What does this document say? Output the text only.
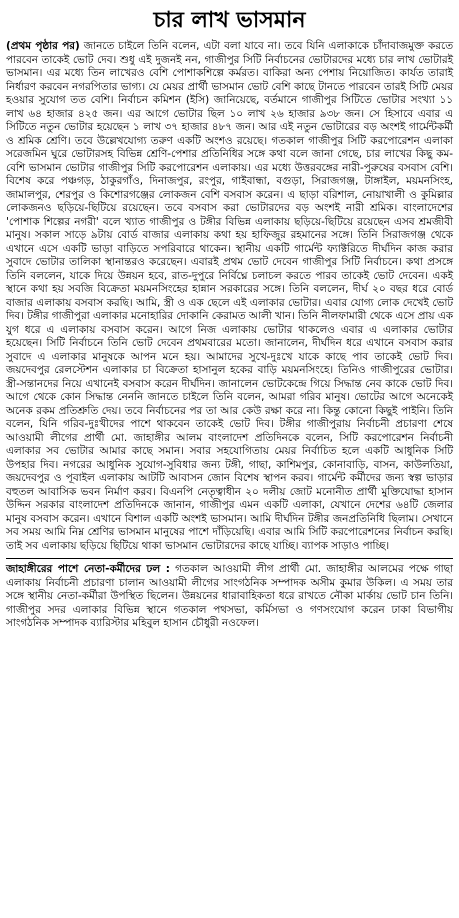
চার লাখ ভাসমান

(প্রথম পৃষ্ঠার পর) জানতে চাইলে তিনি বলেন, এটা বলা যাবে না। তবে যিনি এলাকাকে চাঁদাবাজমুক্ত করতে পারবেন তাকেই ভোট দেব। শুধু এই দুজনই নন, গাজীপুর সিটি নির্বাচনের ভোটারদের মধ্যে চার লাখ ভোটারই ভাসমান। এর মধ্যে তিন লাখেরও বেশি পোশাকশিল্পে কর্মরত। বাকিরা অন্য পেশায় নিয়োজিত। কার্যত তারাই নির্ধারণ করবেন নগরপিতার ভাগ্য। যে মেয়র প্রার্থী ভাসমান ভোট বেশি কাছে টানতে পারবেন তারই সিটি মেয়র হওয়ার সুযোগ তত বেশি। নির্বাচন কমিশন (ইসি) জানিয়েছে, বর্তমানে গাজীপুর সিটিতে ভোটার সংখ্যা ১১ লাখ ৬৪ হাজার ৪২৫ জন। এর আগে ভোটার ছিল ১০ লাখ ২৬ হাজার ৯৩৮ জন। সে হিসাবে এবার এ সিটিতে নতুন ভোটার হয়েছেন ১ লাখ ৩৭ হাজার ৪৮৭ জন। আর এই নতুন ভোটারের বড় অংশই গার্মেন্টকর্মী ও শ্রমিক শ্রেণি। তবে উল্লেখযোগ্য তরুণ একটি অংশও রয়েছে। গতকাল গাজীপুর সিটি করপোরেশন এলাকা সরেজমিন ঘুরে ভোটারসহ বিভিন্ন শ্রেণি-পেশার প্রতিনিধির সঙ্গে কথা বলে জানা গেছে, চার লাখের কিছু কম-বেশি ভাসমান ভোটার গাজীপুর সিটি করপোরেশন এলাকায়। এর মধ্যে উত্তরবঙ্গের নারী-পুরুষের বসবাস বেশি। বিশেষ করে পঞ্চগড়, ঠাকুরগাঁও, দিনাজপুর, রংপুর, গাইবান্ধা, বগুড়া, সিরাজগঞ্জ, টাঙ্গাইল, ময়মনসিংহ, জামালপুর, শেরপুর ও কিশোরগঞ্জের লোকজন বেশি বসবাস করেন। এ ছাড়া বরিশাল, নোয়াখালী ও কুমিল্লার লোকজনও ছড়িয়ে-ছিটিয়ে রয়েছেন। তবে বসবাস করা ভোটারদের বড় অংশই নারী শ্রমিক। বাংলাদেশের 'পোশাক শিল্পের নগরী' বলে খ্যাত গাজীপুর ও টঙ্গীর বিভিন্ন এলাকায় ছড়িয়ে-ছিটিয়ে রয়েছেন এসব শ্রমজীবী মানুষ। সকাল সাড়ে ৯টায় বোর্ড বাজার এলাকায় কথা হয় হাফিজুর রহমানের সঙ্গে। তিনি সিরাজগঞ্জ থেকে এখানে এসে একটি ভাড়া বাড়িতে সপরিবারে থাকেন। স্থানীয় একটি গার্মেন্ট ফ্যাক্টরিতে দীর্ঘদিন কাজ করার সুবাদে ভোটার তালিকা স্থানান্তরও করেছেন। এবারই প্রথম ভোট দেবেন গাজীপুর সিটি নির্বাচনে। কথা প্রসঙ্গে তিনি বললেন, যাকে দিয়ে উন্নয়ন হবে, রাত-দুপুরে নির্বিঘ্নে চলাচল করতে পারব তাকেই ভোট দেবেন। একই স্থানে কথা হয় সবজি বিক্রেতা ময়মনসিংহের হান্নান সরকারের সঙ্গে। তিনি বললেন, দীর্ঘ ২০ বছর ধরে বোর্ড বাজার এলাকায় বসবাস করছি। আমি, স্ত্রী ও এক ছেলে এই এলাকার ভোটার। এবার যোগ্য লোক দেখেই ভোট দিব। টঙ্গীর গাজীপুরা এলাকার মনোহারির দোকানি কেরামত আলী খান। তিনি নীলফামারী থেকে এসে প্রায় এক যুগ ধরে এ এলাকায় বসবাস করেন। আগে নিজ এলাকায় ভোটার থাকলেও এবার এ এলাকার ভোটার হয়েছেন। সিটি নির্বাচনে তিনি ভোট দেবেন প্রথমবারের মতো। জানালেন, দীর্ঘদিন ধরে এখানে বসবাস করার সুবাদে এ এলাকার মানুষকে আপন মনে হয়। আমাদের সুখে-দুঃখে যাকে কাছে পাব তাকেই ভোট দিব। জয়দেবপুর রেলস্টেশন এলাকার চা বিক্রেতা হাসানুল হকের বাড়ি ময়মনসিংহে। তিনিও গাজীপুরের ভোটার। স্ত্রী-সন্তানদের নিয়ে এখানেই বসবাস করেন দীর্ঘদিন। জানালেন ভোটকেন্দ্রে গিয়ে সিদ্ধান্ত নেব কাকে ভোট দিব। আগে থেকে কোন সিদ্ধান্ত নেননি জানতে চাইলে তিনি বলেন, আমরা গরিব মানুষ। ভোটের আগে অনেকেই অনেক রকম প্রতিশ্রুতি দেয়। তবে নির্বাচনের পর তা আর কেউ রক্ষা করে না। কিন্তু কোনো কিছুই পাইনি। তিনি বলেন, যিনি গরিব-দুঃখীদের পাশে থাকবেন তাকেই ভোট দিব। টঙ্গীর গাজীপুরায় নির্বাচনী প্রচারণা শেষে আওয়ামী লীগের প্রার্থী মো. জাহাঙ্গীর আলম বাংলাদেশ প্রতিদিনকে বলেন, সিটি করপোরেশন নির্বাচনী এলাকার সব ভোটার আমার কাছে সমান। সবার সহযোগিতায় মেয়র নির্বাচিত হলে একটি আধুনিক সিটি উপহার দিব। নগরের আধুনিক সুযোগ-সুবিধার জন্য টঙ্গী, গাছা, কাশিমপুর, কোনাবাড়ি, বাসন, কাউলতিয়া, জয়দেবপুর ও পূবাইল এলাকায় আটটি আবাসন জোন বিশেষ স্থাপন করব। গার্মেন্ট কর্মীদের জন্য স্বল্প ভাড়ার বহুতল আবাসিক ভবন নির্মাণ করব। বিএনপি নেতৃত্বাধীন ২০ দলীয় জোট মনোনীত প্রার্থী মুক্তিযোদ্ধা হাসান উদ্দিন সরকার বাংলাদেশ প্রতিদিনকে জানান, গাজীপুর এমন একটি এলাকা, যেখানে দেশের ৬৪টি জেলার মানুষ বসবাস করেন। এখানে বিশাল একটি অংশই ভাসমান। আমি দীর্ঘদিন টঙ্গীর জনপ্রতিনিধি ছিলাম। সেখানে সব সময় আমি নিম্ন শ্রেণির ভাসমান মানুষের পাশে দাঁড়িয়েছি। এবার আমি সিটি করপোরেশনের নির্বাচন করছি। তাই সব এলাকায় ছড়িয়ে ছিটিয়ে থাকা ভাসমান ভোটারদের কাছে যাচ্ছি। ব্যাপক সাড়াও পাচ্ছি।

জাহাঙ্গীরের পাশে নেতা-কর্মীদের ঢল : গতকাল আওয়ামী লীগ প্রার্থী মো. জাহাঙ্গীর আলমের পক্ষে গাছা এলাকায় নির্বাচনী প্রচারণা চালান আওয়ামী লীগের সাংগঠনিক সম্পাদক অসীম কুমার উকিল। এ সময় তার সঙ্গে স্থানীয় নেতা-কর্মীরা উপস্থিত ছিলেন। উন্নয়নের ধারাবাহিকতা ধরে রাখতে নৌকা মার্কায় ভোট চান তিনি। গাজীপুর সদর এলাকার বিভিন্ন স্থানে গতকাল পথসভা, কর্মিসভা ও গণসংযোগ করেন ঢাকা বিভাগীয় সাংগঠনিক সম্পাদক ব্যারিস্টার মহিবুল হাসান চৌধুরী নওফেল।
